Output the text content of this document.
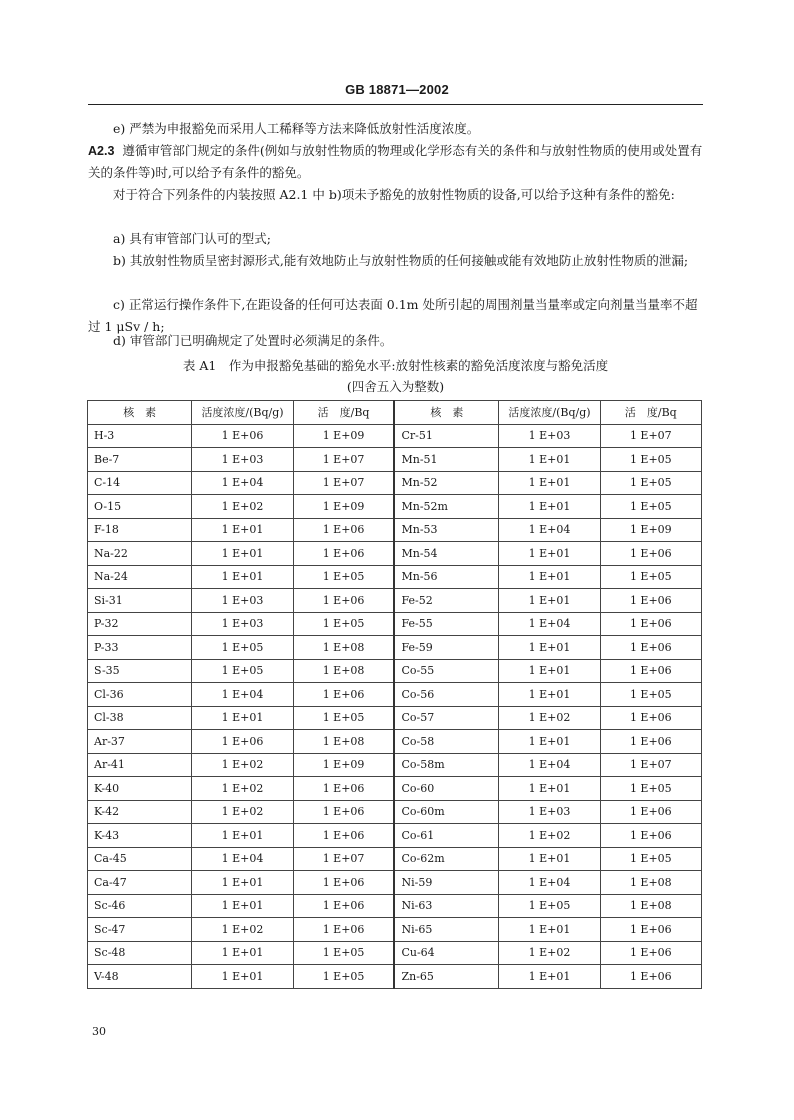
GB 18871—2002

e) 严禁为申报豁免而采用人工稀释等方法来降低放射性活度浓度。

A2.3 遵循审管部门规定的条件(例如与放射性物质的物理或化学形态有关的条件和与放射性物质的使用或处置有关的条件等)时,可以给予有条件的豁免。

对于符合下列条件的内装按照 A2.1 中 b)项未予豁免的放射性物质的设备,可以给予这种有条件的豁免:

a) 具有审管部门认可的型式;

b) 其放射性物质呈密封源形式,能有效地防止与放射性物质的任何接触或能有效地防止放射性物质的泄漏;

c) 正常运行操作条件下,在距设备的任何可达表面 0.1m 处所引起的周围剂量当量率或定向剂量当量率不超过 1 μSv / h;

d) 审管部门已明确规定了处置时必须满足的条件。

表 A1　作为申报豁免基础的豁免水平:放射性核素的豁免活度浓度与豁免活度
(四舍五入为整数)
核　素	活度浓度/(Bq/g)	活　度/Bq	核　素	活度浓度/(Bq/g)	活　度/Bq
H-3	1 E+06	1 E+09	Cr-51	1 E+03	1 E+07
Be-7	1 E+03	1 E+07	Mn-51	1 E+01	1 E+05
C-14	1 E+04	1 E+07	Mn-52	1 E+01	1 E+05
O-15	1 E+02	1 E+09	Mn-52m	1 E+01	1 E+05
F-18	1 E+01	1 E+06	Mn-53	1 E+04	1 E+09
Na-22	1 E+01	1 E+06	Mn-54	1 E+01	1 E+06
Na-24	1 E+01	1 E+05	Mn-56	1 E+01	1 E+05
Si-31	1 E+03	1 E+06	Fe-52	1 E+01	1 E+06
P-32	1 E+03	1 E+05	Fe-55	1 E+04	1 E+06
P-33	1 E+05	1 E+08	Fe-59	1 E+01	1 E+06
S-35	1 E+05	1 E+08	Co-55	1 E+01	1 E+06
Cl-36	1 E+04	1 E+06	Co-56	1 E+01	1 E+05
Cl-38	1 E+01	1 E+05	Co-57	1 E+02	1 E+06
Ar-37	1 E+06	1 E+08	Co-58	1 E+01	1 E+06
Ar-41	1 E+02	1 E+09	Co-58m	1 E+04	1 E+07
K-40	1 E+02	1 E+06	Co-60	1 E+01	1 E+05
K-42	1 E+02	1 E+06	Co-60m	1 E+03	1 E+06
K-43	1 E+01	1 E+06	Co-61	1 E+02	1 E+06
Ca-45	1 E+04	1 E+07	Co-62m	1 E+01	1 E+05
Ca-47	1 E+01	1 E+06	Ni-59	1 E+04	1 E+08
Sc-46	1 E+01	1 E+06	Ni-63	1 E+05	1 E+08
Sc-47	1 E+02	1 E+06	Ni-65	1 E+01	1 E+06
Sc-48	1 E+01	1 E+05	Cu-64	1 E+02	1 E+06
V-48	1 E+01	1 E+05	Zn-65	1 E+01	1 E+06
30
